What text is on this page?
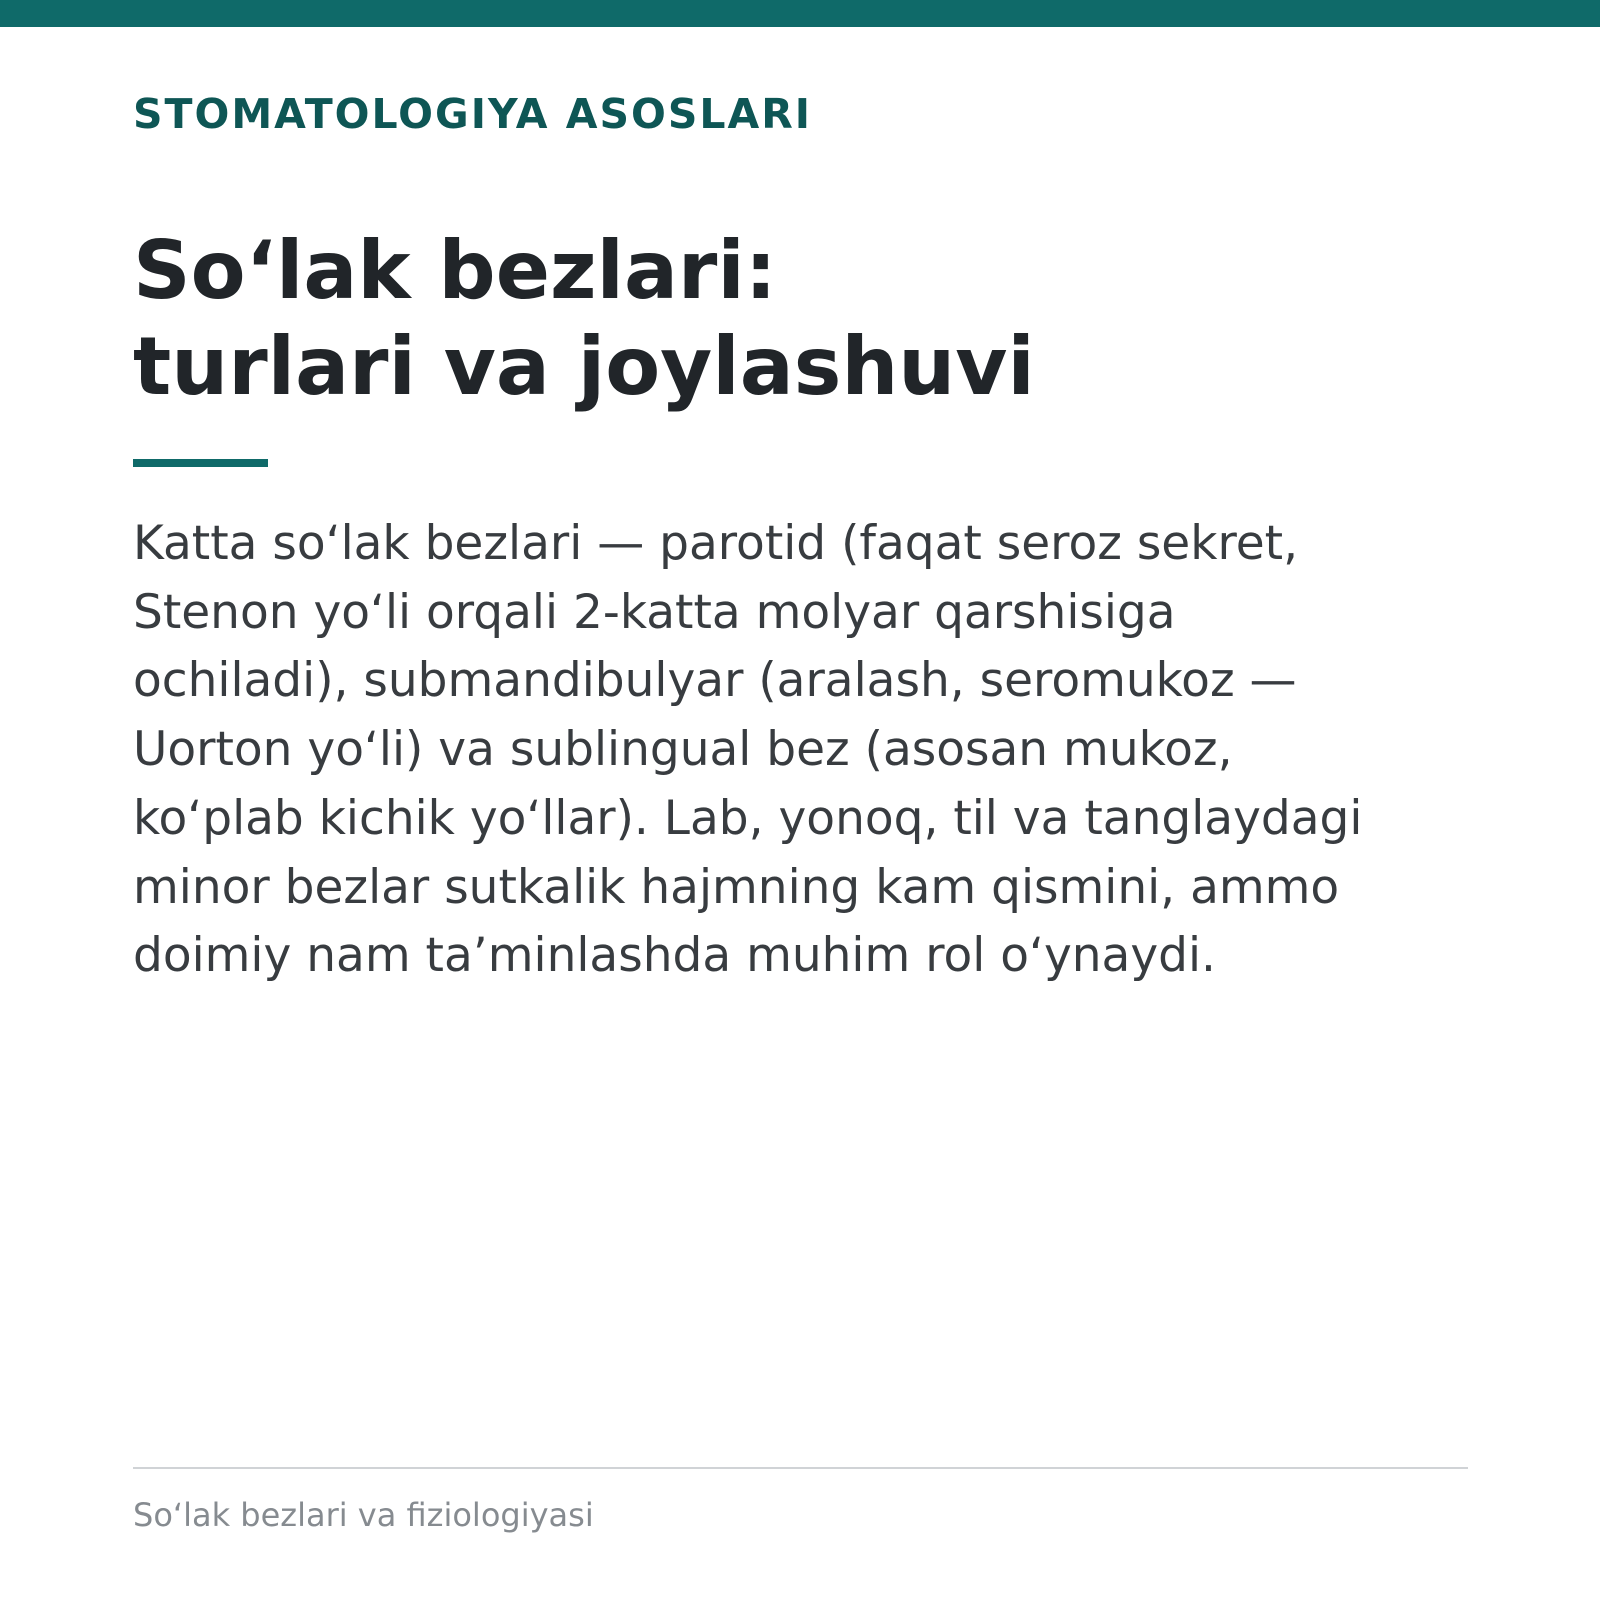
STOMATOLOGIYA ASOSLARI

So‘lak bezlari:
turlari va joylashuvi

Katta so‘lak bezlari — parotid (faqat seroz sekret,
Stenon yo‘li orqali 2-katta molyar qarshisiga
ochiladi), submandibulyar (aralash, seromukoz —
Uorton yo‘li) va sublingual bez (asosan mukoz,
ko‘plab kichik yo‘llar). Lab, yonoq, til va tanglaydagi
minor bezlar sutkalik hajmning kam qismini, ammo
doimiy nam ta’minlashda muhim rol o‘ynaydi.

So‘lak bezlari va fiziologiyasi
